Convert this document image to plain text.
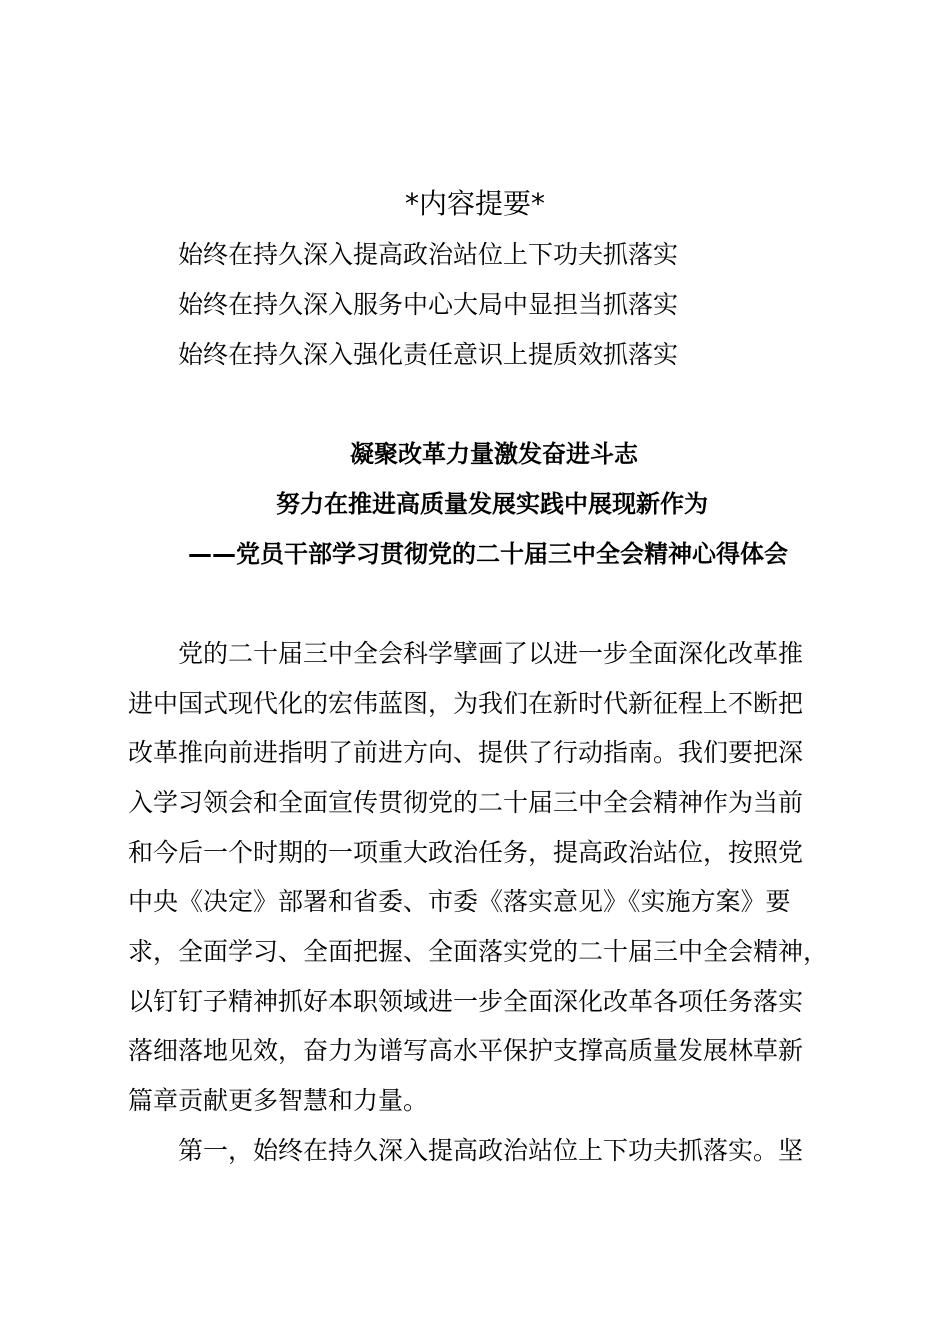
*内容提要*
始终在持久深入提高政治站位上下功夫抓落实
始终在持久深入服务中心大局中显担当抓落实
始终在持久深入强化责任意识上提质效抓落实
凝聚改革力量激发奋进斗志
努力在推进高质量发展实践中展现新作为
——党员干部学习贯彻党的二十届三中全会精神心得体会
　　党的二十届三中全会科学擘画了以进一步全面深化改革推
进中国式现代化的宏伟蓝图，为我们在新时代新征程上不断把
改革推向前进指明了前进方向、提供了行动指南。我们要把深
入学习领会和全面宣传贯彻党的二十届三中全会精神作为当前
和今后一个时期的一项重大政治任务，提高政治站位，按照党
中央《决定》部署和省委、市委《落实意见》《实施方案》要
求，全面学习、全面把握、全面落实党的二十届三中全会精神，
以钉钉子精神抓好本职领域进一步全面深化改革各项任务落实
落细落地见效，奋力为谱写高水平保护支撑高质量发展林草新
篇章贡献更多智慧和力量。
　　第一，始终在持久深入提高政治站位上下功夫抓落实。坚
